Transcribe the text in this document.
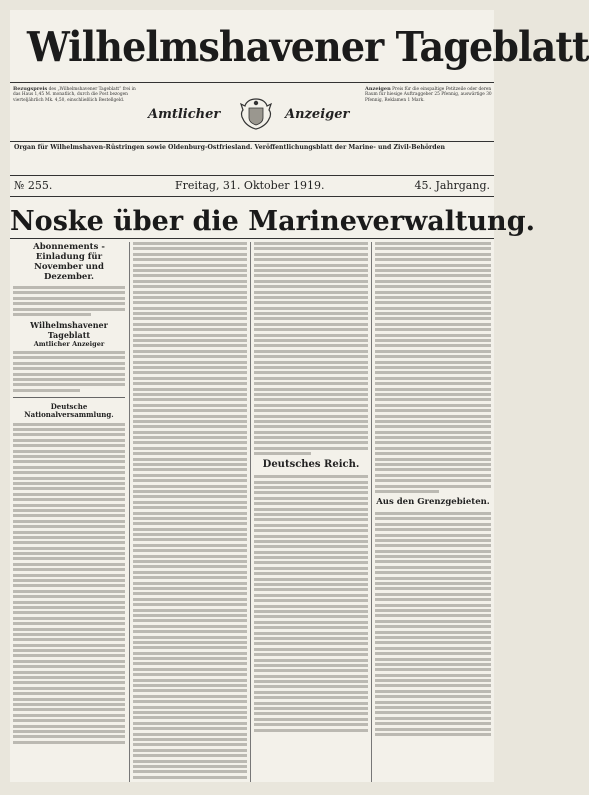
Wilhelmshavener Tageblatt
Bezugspreis des „Wilhelmshavener Tageblatt“ frei in das Haus 1,45 M. monatlich, durch die Post bezogen vierteljährlich Mk. 4,50, einschließlich Bestellgeld.
Amtlicher	Anzeiger
Anzeigen Preis für die einspaltige Petitzeile oder deren Raum für hiesige Auftraggeber 25 Pfennig, auswärtige 30 Pfennig, Reklamen 1 Mark.
Organ für Wilhelmshaven-Rüstringen sowie Oldenburg-Ostfriesland. Veröffentlichungsblatt der Marine- und Zivil-Behörden
№ 255.	Freitag, 31. Oktober 1919.	45. Jahrgang.
Noske über die Marineverwaltung.

Abonnements - Einladung für November und Dezember.

Wilhelmshavener Tageblatt

Amtlicher Anzeiger

Deutsche Nationalversammlung.

Deutsches Reich.

Aus den Grenzgebieten.
